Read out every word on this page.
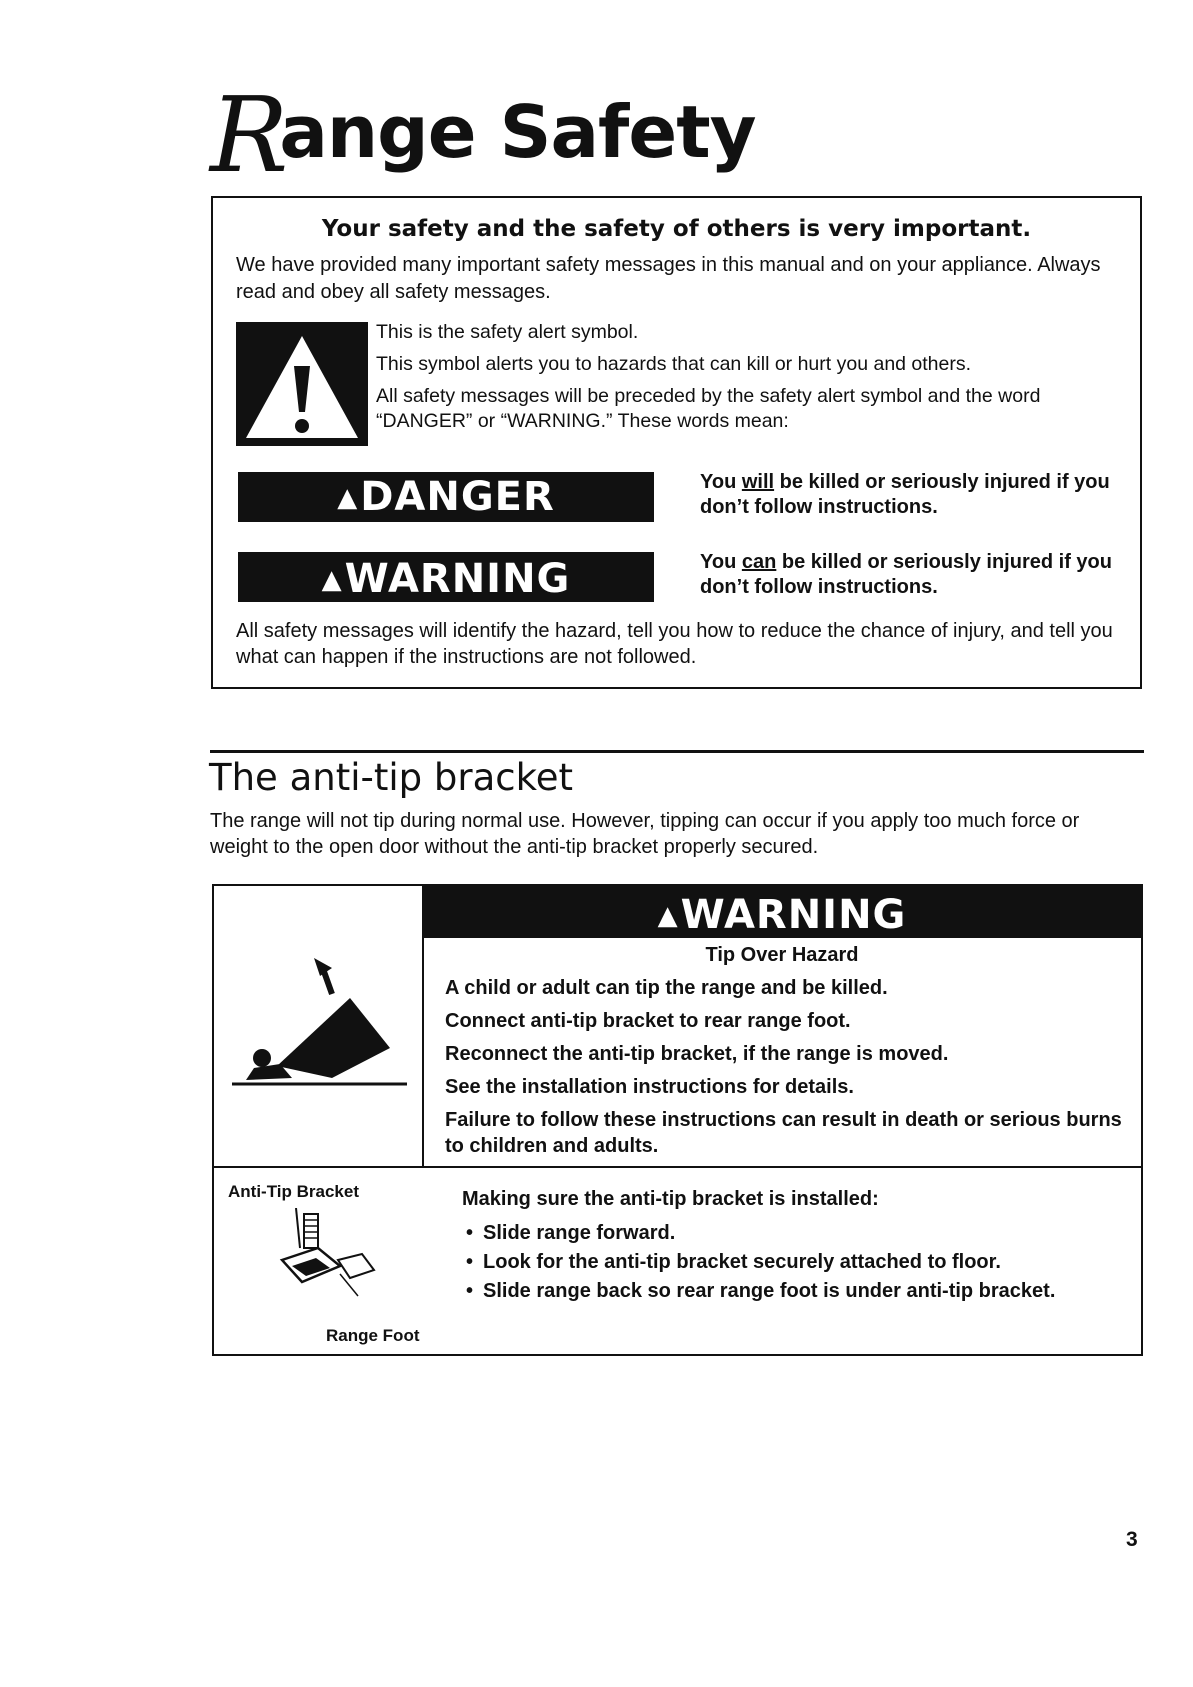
Range Safety
Your safety and the safety of others is very important.

We have provided many important safety messages in this manual and on your appliance. Always read and obey all safety messages.

This is the safety alert symbol.
This symbol alerts you to hazards that can kill or hurt you and others.
All safety messages will be preceded by the safety alert symbol and the word “DANGER” or “WARNING.” These words mean:
▲DANGER	You will be killed or seriously injured if you don’t follow instructions.
▲WARNING	You can be killed or seriously injured if you don’t follow instructions.

All safety messages will identify the hazard, tell you how to reduce the chance of injury, and tell you what can happen if the instructions are not followed.

The anti-tip bracket

The range will not tip during normal use. However, tipping can occur if you apply too much force or weight to the open door without the anti-tip bracket properly secured.

▲WARNING
Tip Over Hazard
A child or adult can tip the range and be killed.
Connect anti-tip bracket to rear range foot.
Reconnect the anti-tip bracket, if the range is moved.
See the installation instructions for details.
Failure to follow these instructions can result in death or serious burns to children and adults.
Anti-Tip Bracket
Range Foot
Making sure the anti-tip bracket is installed:
• Slide range forward.
• Look for the anti-tip bracket securely attached to floor.
• Slide range back so rear range foot is under anti-tip bracket.
3
